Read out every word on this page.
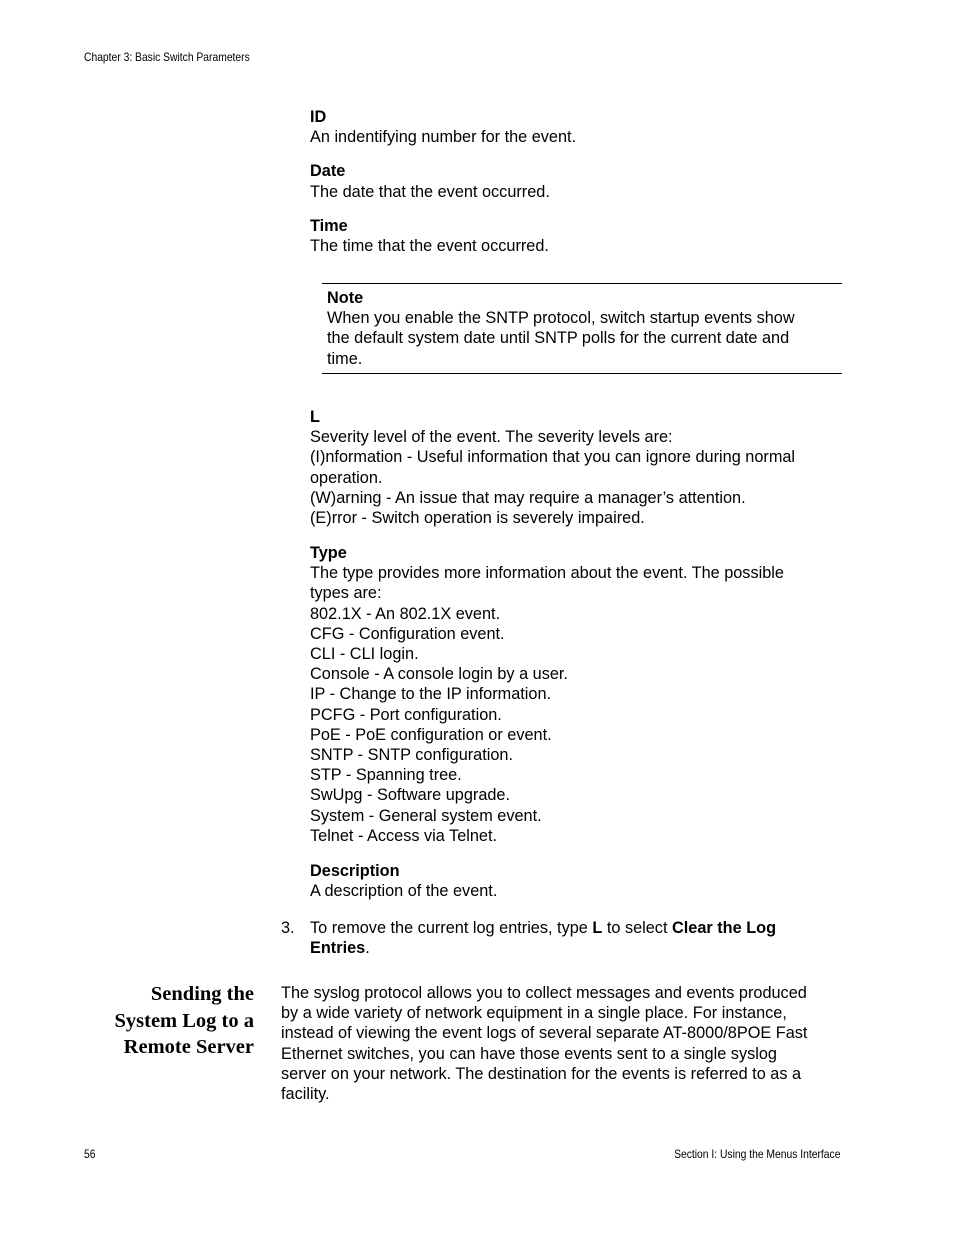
Chapter 3: Basic Switch Parameters
ID
An indentifying number for the event.
Date
The date that the event occurred.
Time
The time that the event occurred.
Note
When you enable the SNTP protocol, switch startup events show
the default system date until SNTP polls for the current date and
time.
L
Severity level of the event. The severity levels are:
(I)nformation - Useful information that you can ignore during normal
operation.
(W)arning - An issue that may require a manager’s attention.
(E)rror - Switch operation is severely impaired.
Type
The type provides more information about the event. The possible
types are:
802.1X - An 802.1X event.
CFG - Configuration event.
CLI - CLI login.
Console - A console login by a user.
IP - Change to the IP information.
PCFG - Port configuration.
PoE - PoE configuration or event.
SNTP - SNTP configuration.
STP - Spanning tree.
SwUpg - Software upgrade.
System - General system event.
Telnet - Access via Telnet.
Description
A description of the event.
3. To remove the current log entries, type L to select Clear the Log Entries.
Sending the
System Log to a
Remote Server
The syslog protocol allows you to collect messages and events produced
by a wide variety of network equipment in a single place. For instance,
instead of viewing the event logs of several separate AT-8000/8POE Fast
Ethernet switches, you can have those events sent to a single syslog
server on your network. The destination for the events is referred to as a
facility.
56	Section I: Using the Menus Interface
